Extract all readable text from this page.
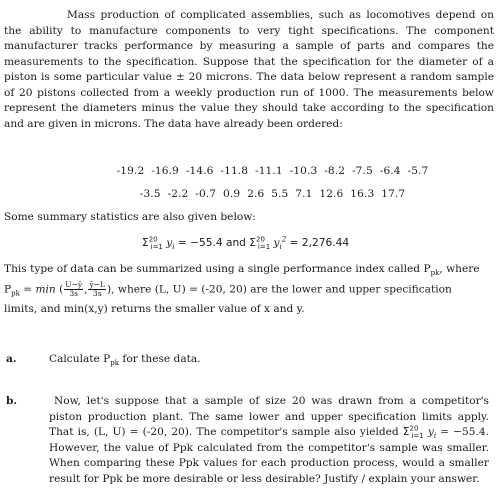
Mass production of complicated assemblies, such as locomotives depend on the ability to manufacture components to very tight specifications. The component manufacturer tracks performance by measuring a sample of parts and compares the measurements to the specification. Suppose that the specification for the diameter of a piston is some particular value ± 20 microns. The data below represent a random sample of 20 pistons collected from a weekly production run of 1000. The measurements below represent the diameters minus the value they should take according to the specification and are given in microns. The data have already been ordered:
-19.2  -16.9  -14.6  -11.8  -11.1  -10.3  -8.2  -7.5  -6.4  -5.7
-3.5  -2.2  -0.7  0.9  2.6  5.5  7.1  12.6  16.3  17.7
Some summary statistics are also given below:
$\Sigma^{20}_{i=1}$ $y_i = -55.4$ and $\Sigma^{20}_{i=1}$ $y_i^2 = 2,276.44$
This type of data can be summarized using a single performance index called $P_{pk}$, where
$P_{pk} = \min$ ( $\frac{U-ȳ}{3s}$ , $\frac{ȳ-L}{3s}$ ), where (L, U) = (-20, 20) are the lower and upper specification
limits, and min(x,y) returns the smaller value of x and y.
a.	Calculate $P_{pk}$ for these data.
b.	Now, let's suppose that a sample of size 20 was drawn from a competitor's piston production plant. The same lower and upper specification limits apply. That is, (L, U) = (-20, 20). The competitor's sample also yielded $\Sigma^{20}_{i=1}$ $y_i = -55.4$. However, the value of Ppk calculated from the competitor's sample was smaller. When comparing these Ppk values for each production process, would a smaller result for Ppk be more desirable or less desirable? Justify / explain your answer.
